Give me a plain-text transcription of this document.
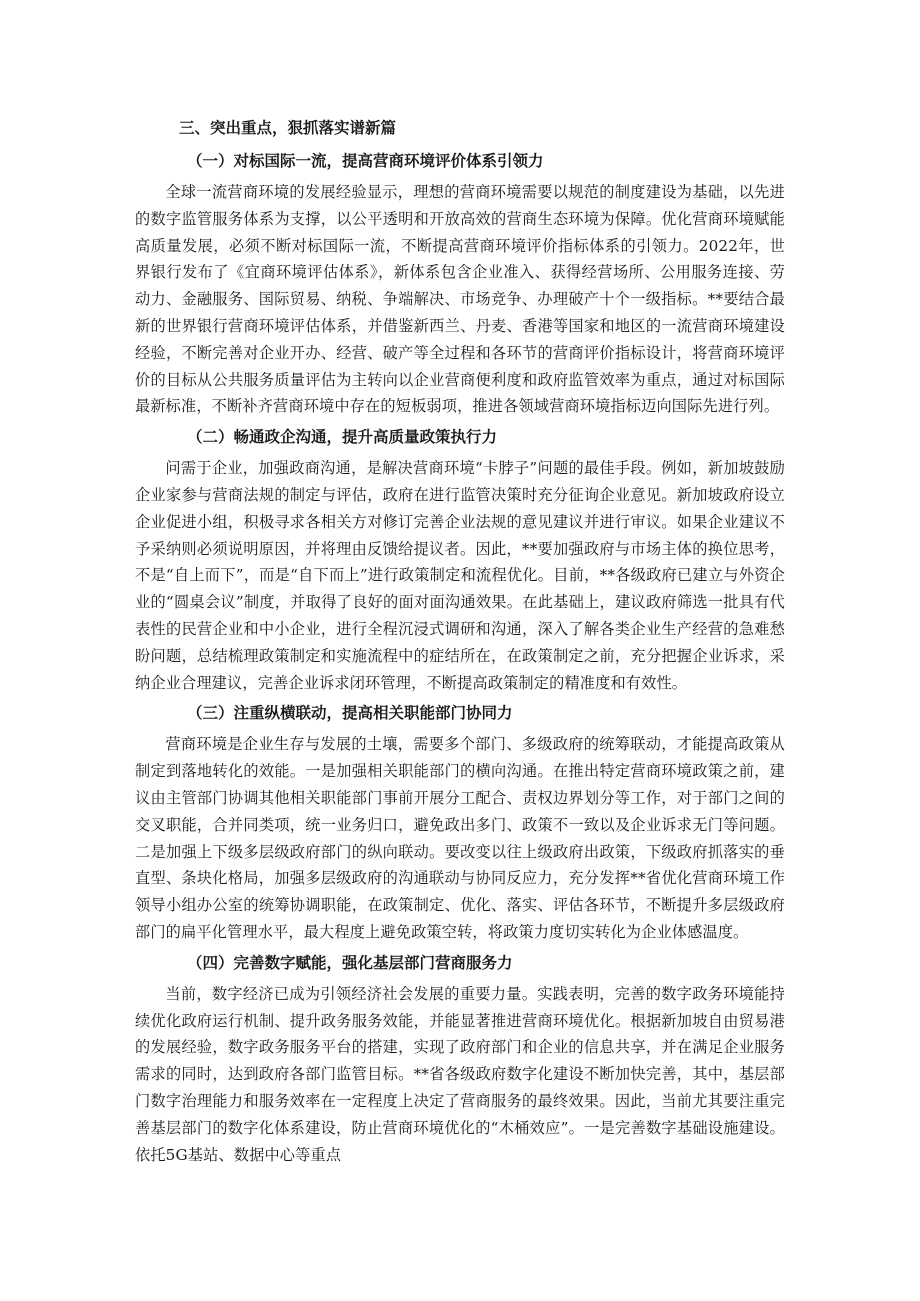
三、突出重点，狠抓落实谱新篇

（一）对标国际一流，提高营商环境评价体系引领力

全球一流营商环境的发展经验显示，理想的营商环境需要以规范的制度建设为基础，以先进的数字监管服务体系为支撑，以公平透明和开放高效的营商生态环境为保障。优化营商环境赋能高质量发展，必须不断对标国际一流，不断提高营商环境评价指标体系的引领力。2022年，世界银行发布了《宜商环境评估体系》，新体系包含企业准入、获得经营场所、公用服务连接、劳动力、金融服务、国际贸易、纳税、争端解决、市场竞争、办理破产十个一级指标。**要结合最新的世界银行营商环境评估体系，并借鉴新西兰、丹麦、香港等国家和地区的一流营商环境建设经验，不断完善对企业开办、经营、破产等全过程和各环节的营商评价指标设计，将营商环境评价的目标从公共服务质量评估为主转向以企业营商便利度和政府监管效率为重点，通过对标国际最新标准，不断补齐营商环境中存在的短板弱项，推进各领域营商环境指标迈向国际先进行列。

（二）畅通政企沟通，提升高质量政策执行力

问需于企业，加强政商沟通，是解决营商环境“卡脖子”问题的最佳手段。例如，新加坡鼓励企业家参与营商法规的制定与评估，政府在进行监管决策时充分征询企业意见。新加坡政府设立企业促进小组，积极寻求各相关方对修订完善企业法规的意见建议并进行审议。如果企业建议不予采纳则必须说明原因，并将理由反馈给提议者。因此，**要加强政府与市场主体的换位思考，不是“自上而下”，而是“自下而上”进行政策制定和流程优化。目前，**各级政府已建立与外资企业的“圆桌会议”制度，并取得了良好的面对面沟通效果。在此基础上，建议政府筛选一批具有代表性的民营企业和中小企业，进行全程沉浸式调研和沟通，深入了解各类企业生产经营的急难愁盼问题，总结梳理政策制定和实施流程中的症结所在，在政策制定之前，充分把握企业诉求，采纳企业合理建议，完善企业诉求闭环管理，不断提高政策制定的精准度和有效性。

（三）注重纵横联动，提高相关职能部门协同力

营商环境是企业生存与发展的土壤，需要多个部门、多级政府的统筹联动，才能提高政策从制定到落地转化的效能。一是加强相关职能部门的横向沟通。在推出特定营商环境政策之前，建议由主管部门协调其他相关职能部门事前开展分工配合、责权边界划分等工作，对于部门之间的交叉职能，合并同类项，统一业务归口，避免政出多门、政策不一致以及企业诉求无门等问题。二是加强上下级多层级政府部门的纵向联动。要改变以往上级政府出政策，下级政府抓落实的垂直型、条块化格局，加强多层级政府的沟通联动与协同反应力，充分发挥**省优化营商环境工作领导小组办公室的统筹协调职能，在政策制定、优化、落实、评估各环节，不断提升多层级政府部门的扁平化管理水平，最大程度上避免政策空转，将政策力度切实转化为企业体感温度。

（四）完善数字赋能，强化基层部门营商服务力

当前，数字经济已成为引领经济社会发展的重要力量。实践表明，完善的数字政务环境能持续优化政府运行机制、提升政务服务效能，并能显著推进营商环境优化。根据新加坡自由贸易港的发展经验，数字政务服务平台的搭建，实现了政府部门和企业的信息共享，并在满足企业服务需求的同时，达到政府各部门监管目标。**省各级政府数字化建设不断加快完善，其中，基层部门数字治理能力和服务效率在一定程度上决定了营商服务的最终效果。因此，当前尤其要注重完善基层部门的数字化体系建设，防止营商环境优化的“木桶效应”。一是完善数字基础设施建设。依托5G基站、数据中心等重点
